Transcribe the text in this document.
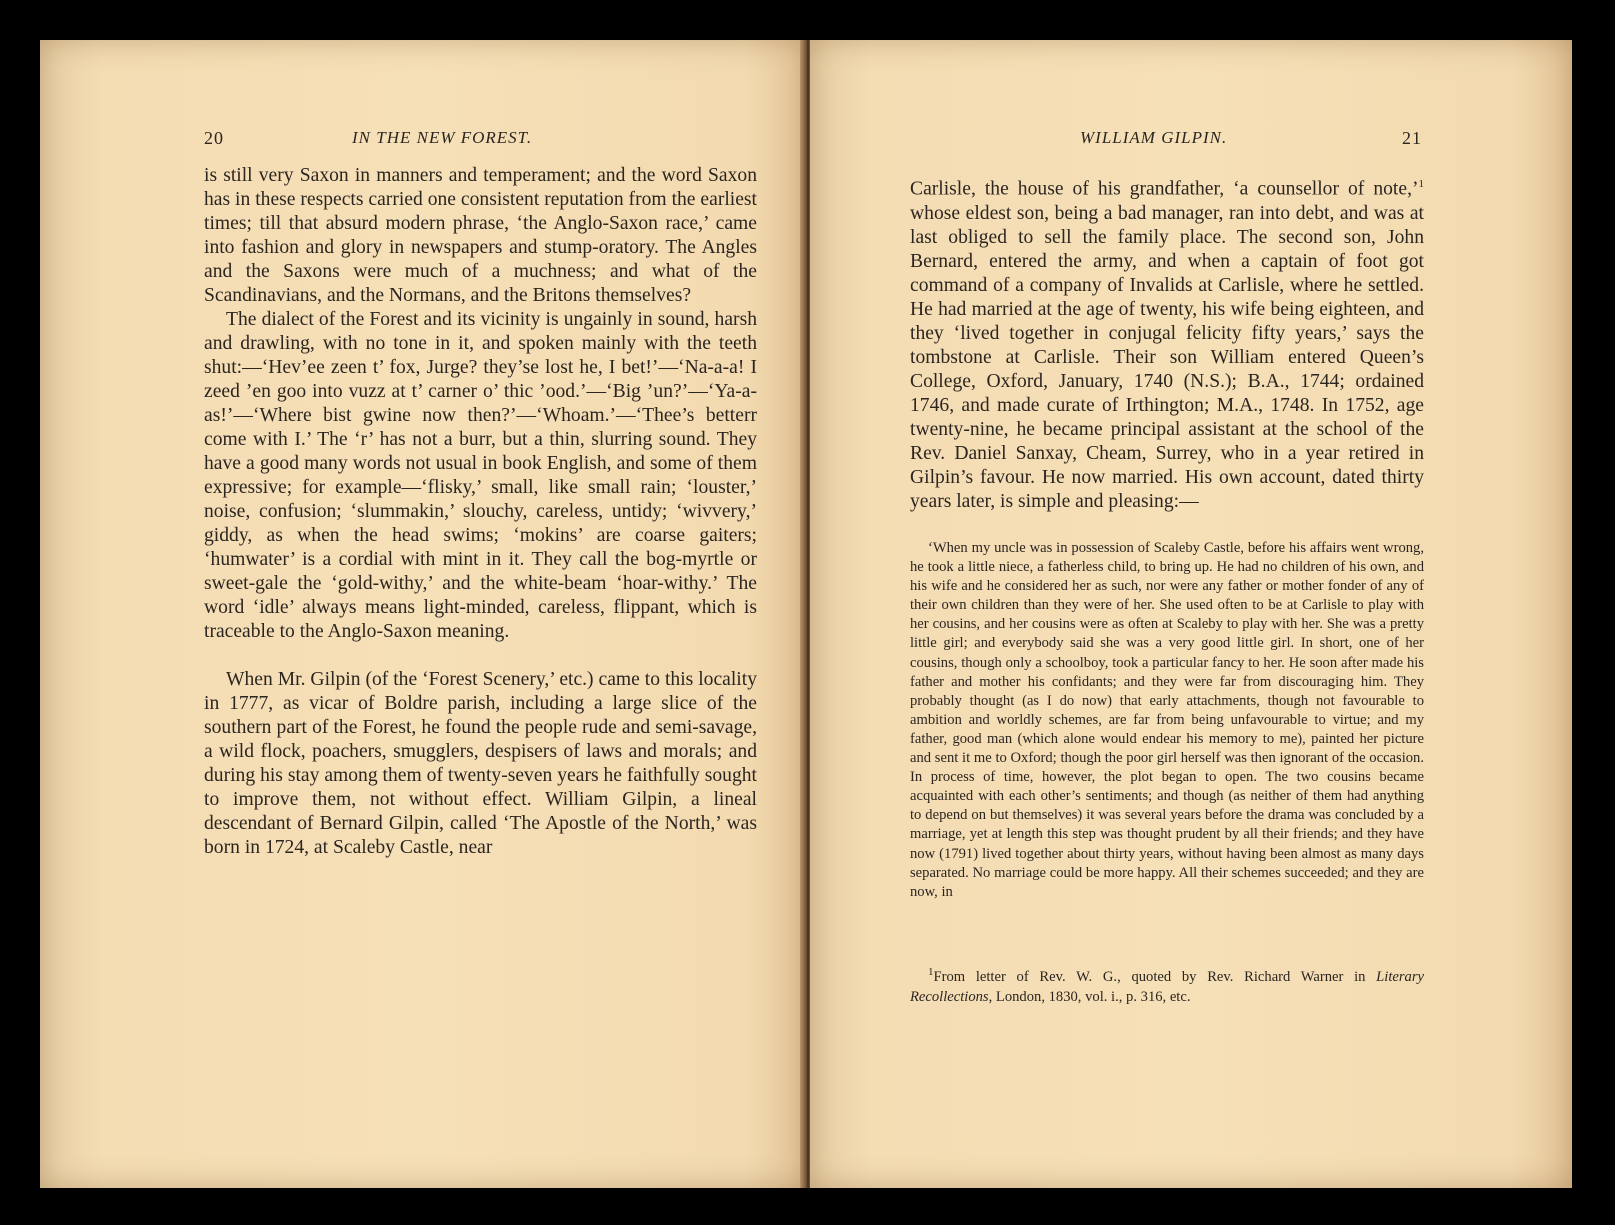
20	IN THE NEW FOREST.

is still very Saxon in manners and temperament; and the word Saxon has in these respects carried one consistent reputation from the earliest times; till that absurd modern phrase, ‘the Anglo-Saxon race,’ came into fashion and glory in newspapers and stump-oratory. The Angles and the Saxons were much of a muchness; and what of the Scandinavians, and the Normans, and the Britons themselves?

The dialect of the Forest and its vicinity is ungainly in sound, harsh and drawling, with no tone in it, and spoken mainly with the teeth shut:—‘Hev’ee zeen t’ fox, Jurge? they’se lost he, I bet!’—‘Na-a-a! I zeed ’en goo into vuzz at t’ carner o’ thic ’ood.’—‘Big ’un?’—‘Ya-a-as!’—‘Where bist gwine now then?’—‘Whoam.’—‘Thee’s betterr come with I.’ The ‘r’ has not a burr, but a thin, slurring sound. They have a good many words not usual in book English, and some of them expressive; for example—‘flisky,’ small, like small rain; ‘louster,’ noise, confusion; ‘slummakin,’ slouchy, careless, untidy; ‘wivvery,’ giddy, as when the head swims; ‘mokins’ are coarse gaiters; ‘humwater’ is a cordial with mint in it. They call the bog-myrtle or sweet-gale the ‘gold-withy,’ and the white-beam ‘hoar-withy.’ The word ‘idle’ always means light-minded, careless, flippant, which is traceable to the Anglo-Saxon meaning.

When Mr. Gilpin (of the ‘Forest Scenery,’ etc.) came to this locality in 1777, as vicar of Boldre parish, including a large slice of the southern part of the Forest, he found the people rude and semi-savage, a wild flock, poachers, smugglers, despisers of laws and morals; and during his stay among them of twenty-seven years he faithfully sought to improve them, not without effect. William Gilpin, a lineal descendant of Bernard Gilpin, called ‘The Apostle of the North,’ was born in 1724, at Scaleby Castle, near

WILLIAM GILPIN.	21

Carlisle, the house of his grandfather, ‘a counsellor of note,’$^1$ whose eldest son, being a bad manager, ran into debt, and was at last obliged to sell the family place. The second son, John Bernard, entered the army, and when a captain of foot got command of a company of Invalids at Carlisle, where he settled. He had married at the age of twenty, his wife being eighteen, and they ‘lived together in conjugal felicity fifty years,’ says the tombstone at Carlisle. Their son William entered Queen’s College, Oxford, January, 1740 (N.S.); B.A., 1744; ordained 1746, and made curate of Irthington; M.A., 1748. In 1752, age twenty-nine, he became principal assistant at the school of the Rev. Daniel Sanxay, Cheam, Surrey, who in a year retired in Gilpin’s favour. He now married. His own account, dated thirty years later, is simple and pleasing:—

‘When my uncle was in possession of Scaleby Castle, before his affairs went wrong, he took a little niece, a fatherless child, to bring up. He had no children of his own, and his wife and he considered her as such, nor were any father or mother fonder of any of their own children than they were of her. She used often to be at Carlisle to play with her cousins, and her cousins were as often at Scaleby to play with her. She was a pretty little girl; and everybody said she was a very good little girl. In short, one of her cousins, though only a schoolboy, took a particular fancy to her. He soon after made his father and mother his confidants; and they were far from discouraging him. They probably thought (as I do now) that early attachments, though not favourable to ambition and worldly schemes, are far from being unfavourable to virtue; and my father, good man (which alone would endear his memory to me), painted her picture and sent it me to Oxford; though the poor girl herself was then ignorant of the occasion. In process of time, however, the plot began to open. The two cousins became acquainted with each other’s sentiments; and though (as neither of them had anything to depend on but themselves) it was several years before the drama was concluded by a marriage, yet at length this step was thought prudent by all their friends; and they have now (1791) lived together about thirty years, without having been almost as many days separated. No marriage could be more happy. All their schemes succeeded; and they are now, in

$^1$From letter of Rev. W. G., quoted by Rev. Richard Warner in Literary Recollections, London, 1830, vol. i., p. 316, etc.
